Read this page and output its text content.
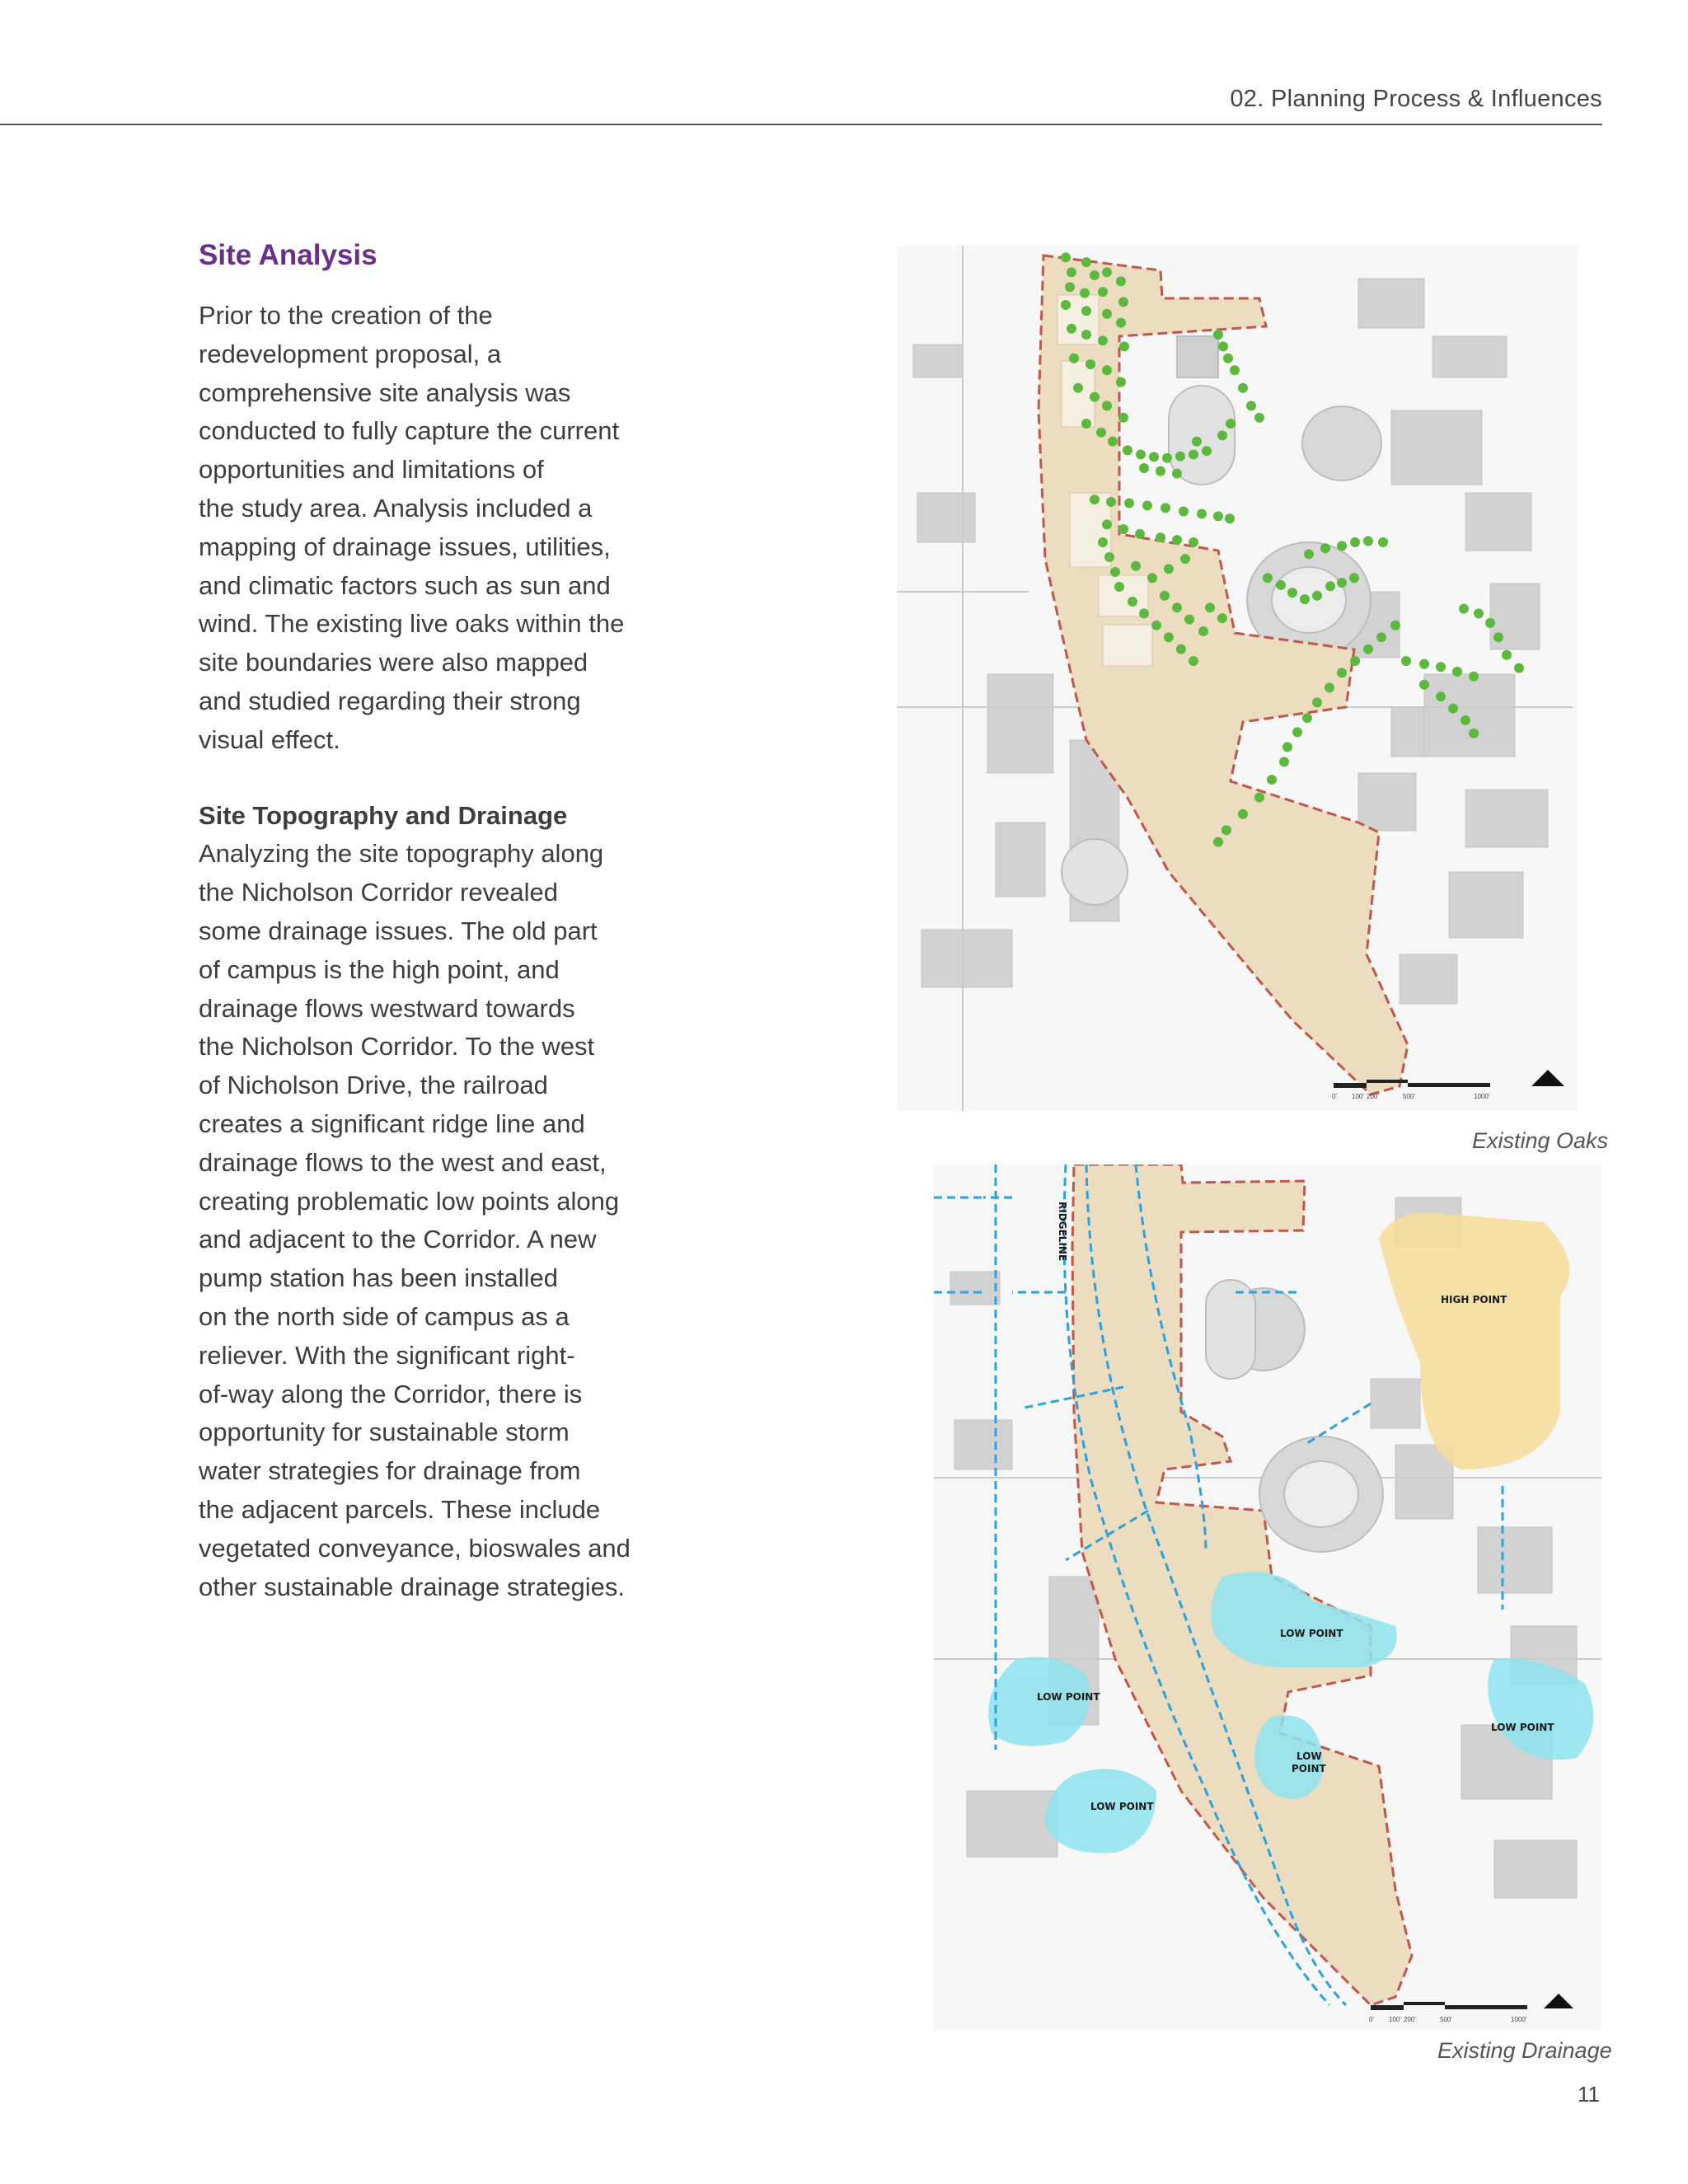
02. Planning Process & Influences
Site Analysis

Prior to the creation of the
redevelopment proposal, a
comprehensive site analysis was
conducted to fully capture the current
opportunities and limitations of
the study area. Analysis included a
mapping of drainage issues, utilities,
and climatic factors such as sun and
wind. The existing live oaks within the
site boundaries were also mapped
and studied regarding their strong
visual effect.

Site Topography and Drainage

Analyzing the site topography along
the Nicholson Corridor revealed
some drainage issues. The old part
of campus is the high point, and
drainage flows westward towards
the Nicholson Corridor. To the west
of Nicholson Drive, the railroad
creates a significant ridge line and
drainage flows to the west and east,
creating problematic low points along
and adjacent to the Corridor. A new
pump station has been installed
on the north side of campus as a
reliever. With the significant right-
of-way along the Corridor, there is
opportunity for sustainable storm
water strategies for drainage from
the adjacent parcels. These include
vegetated conveyance, bioswales and
other sustainable drainage strategies.

0' 100' 200'	500'	1000'
Existing Oaks
RIDGELINE
HIGH POINT
LOW POINT
LOW POINT
LOW POINT
LOW
POINT
LOW POINT
0' 100' 200'	500'	1000'
Existing Drainage
11
